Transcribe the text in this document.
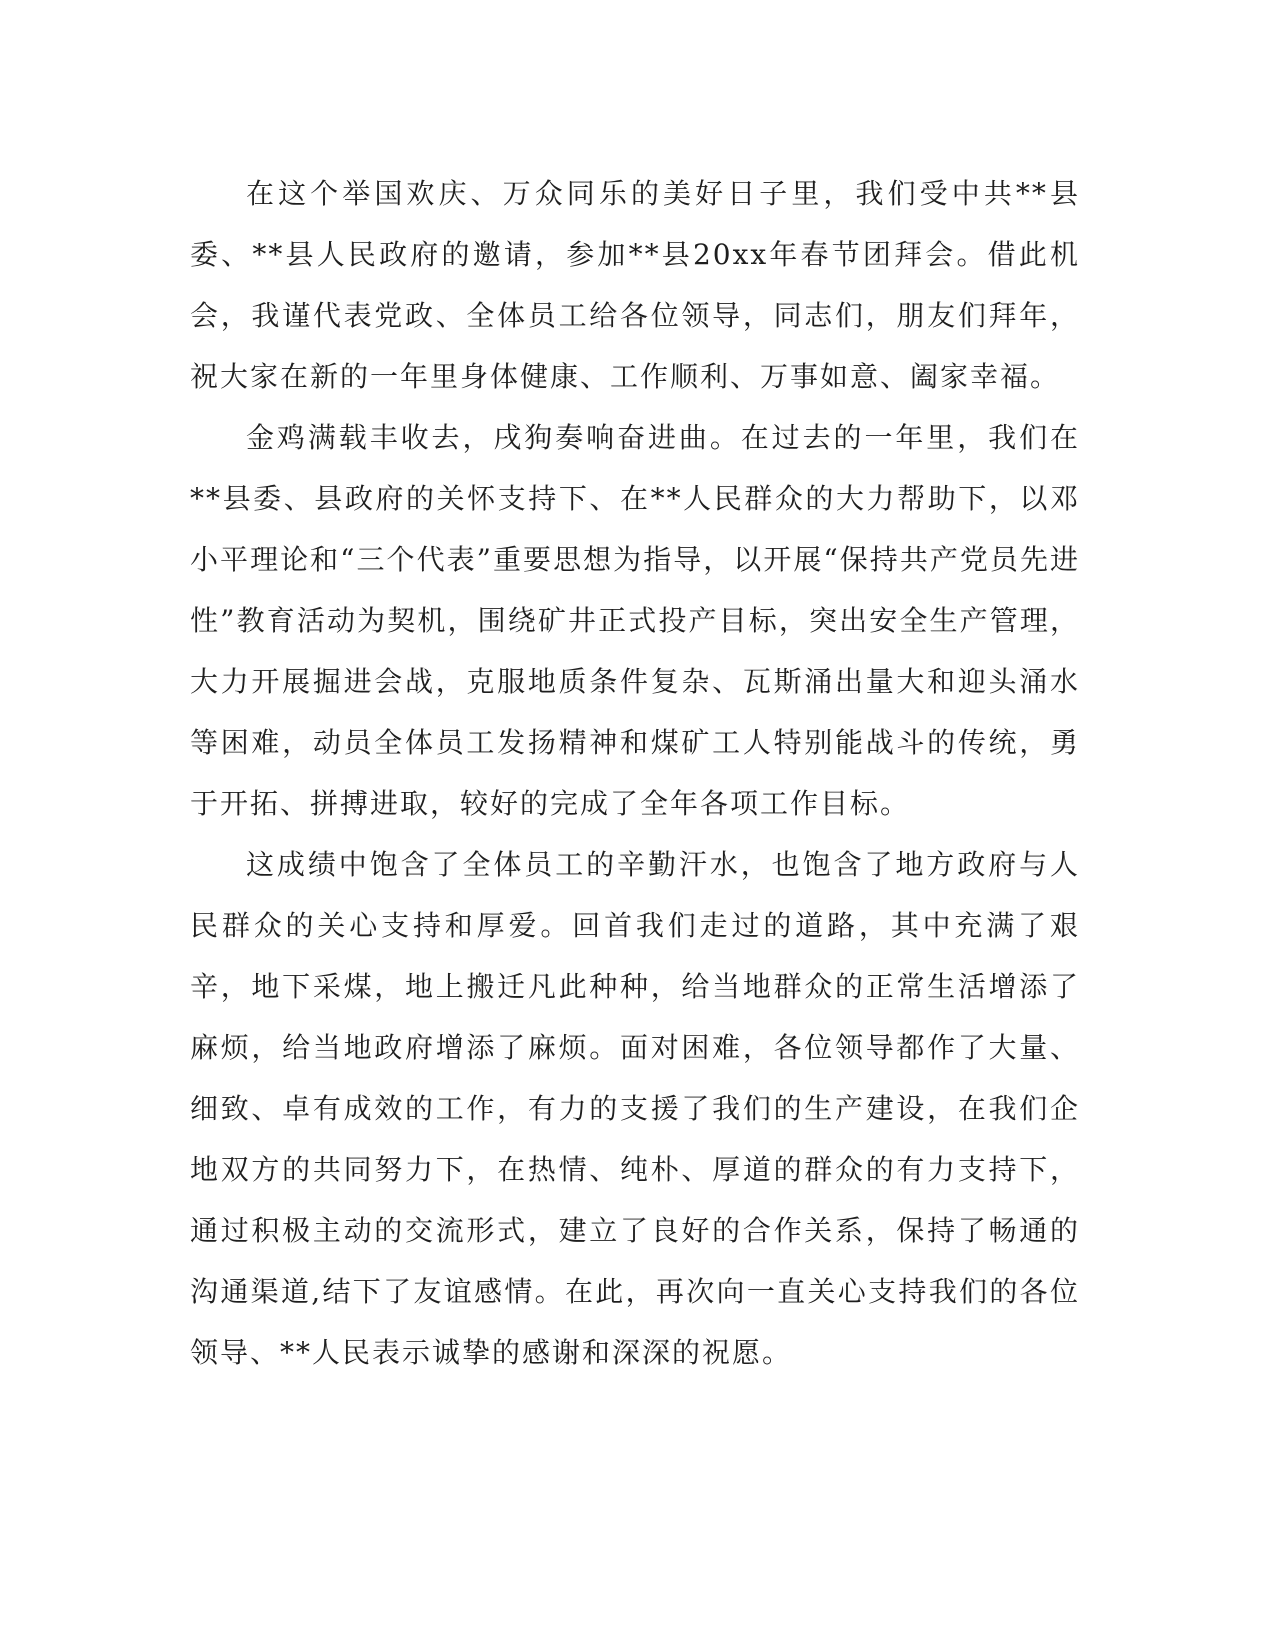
在这个举国欢庆、万众同乐的美好日子里，我们受中共**县委、**县人民政府的邀请，参加**县20xx年春节团拜会。借此机会，我谨代表党政、全体员工给各位领导，同志们，朋友们拜年，祝大家在新的一年里身体健康、工作顺利、万事如意、阖家幸福。

金鸡满载丰收去，戌狗奏响奋进曲。在过去的一年里，我们在**县委、县政府的关怀支持下、在**人民群众的大力帮助下，以邓小平理论和“三个代表”重要思想为指导，以开展“保持共产党员先进性”教育活动为契机，围绕矿井正式投产目标，突出安全生产管理，大力开展掘进会战，克服地质条件复杂、瓦斯涌出量大和迎头涌水等困难，动员全体员工发扬精神和煤矿工人特别能战斗的传统，勇于开拓、拼搏进取，较好的完成了全年各项工作目标。

这成绩中饱含了全体员工的辛勤汗水，也饱含了地方政府与人民群众的关心支持和厚爱。回首我们走过的道路，其中充满了艰辛，地下采煤，地上搬迁凡此种种，给当地群众的正常生活增添了麻烦，给当地政府增添了麻烦。面对困难，各位领导都作了大量、细致、卓有成效的工作，有力的支援了我们的生产建设，在我们企地双方的共同努力下，在热情、纯朴、厚道的群众的有力支持下，通过积极主动的交流形式，建立了良好的合作关系，保持了畅通的沟通渠道,结下了友谊感情。在此，再次向一直关心支持我们的各位领导、**人民表示诚挚的感谢和深深的祝愿。
